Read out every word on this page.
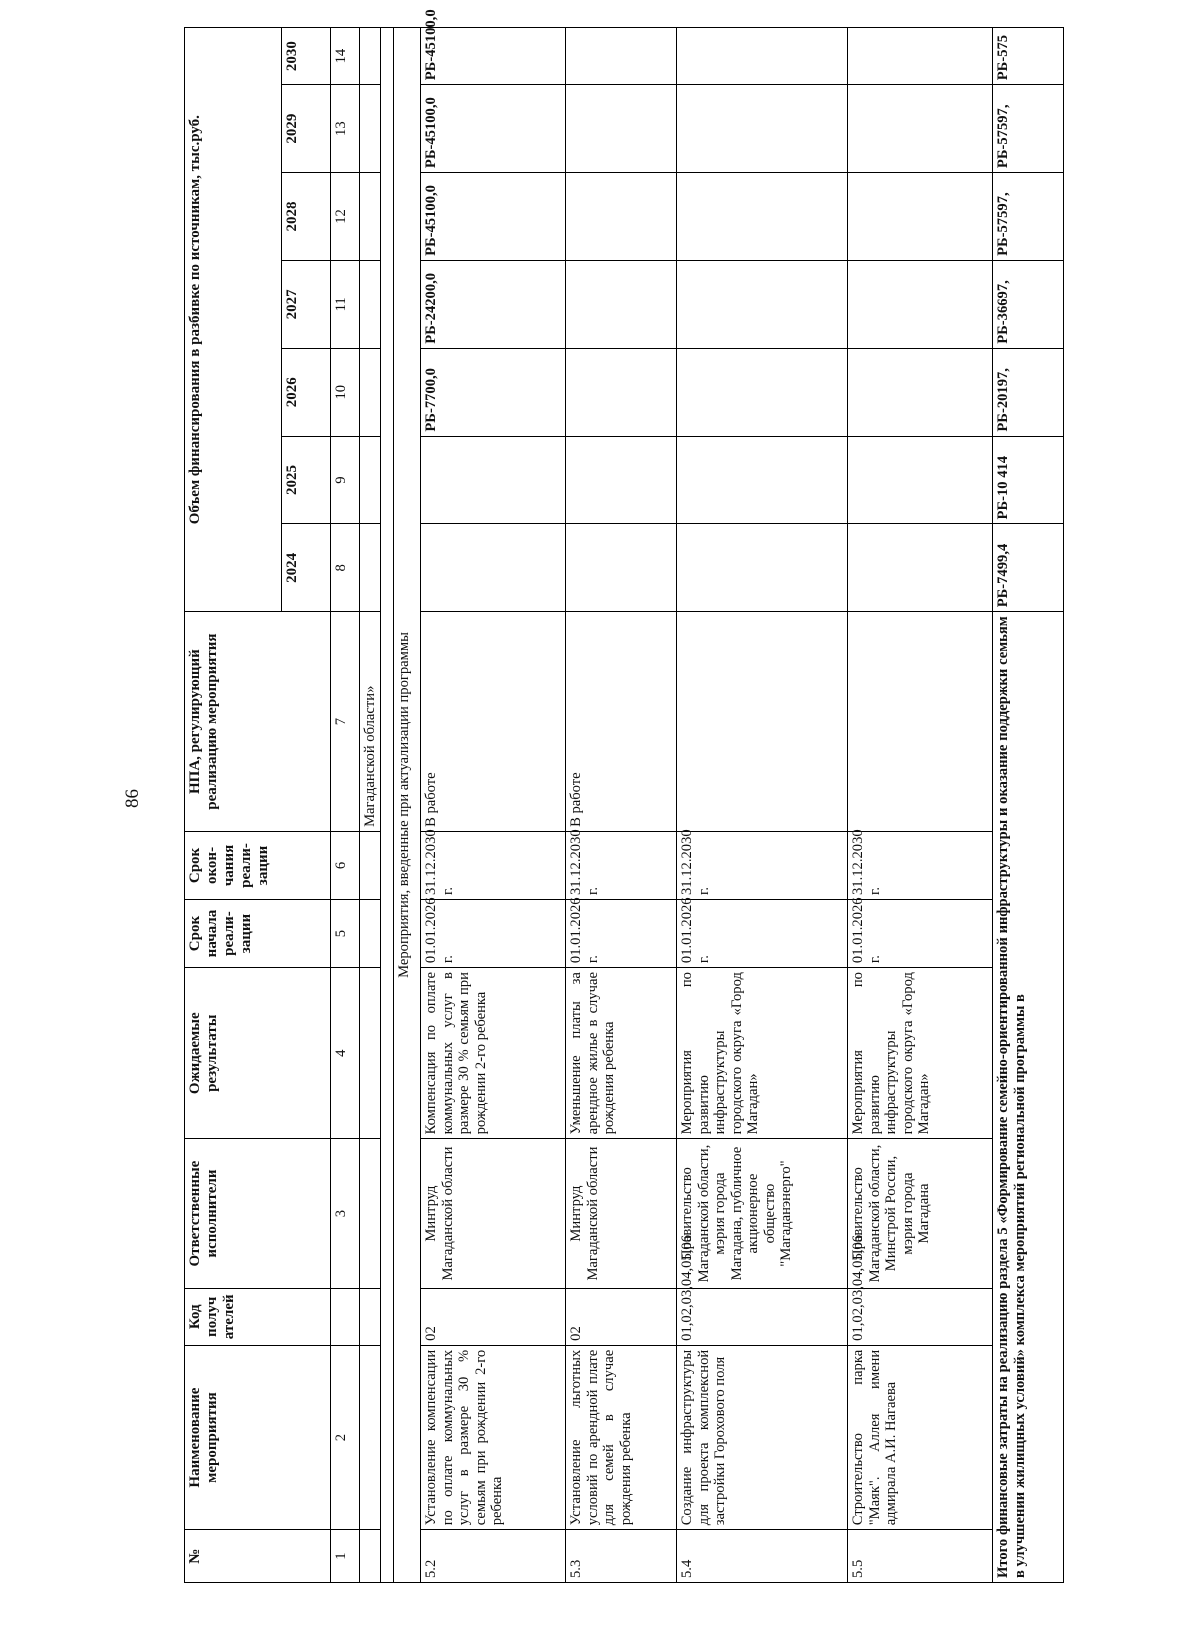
86
№	Наименование мероприятия	Код получ ателей	Ответственные исполнители	Ожидаемые результаты	Срок начала реали-зации	Срок окон-чания реали-зации	НПА, регулирующий реализацию мероприятия	Объем финансирования в разбивке по источникам, тыс.руб.						
								2024	2025	2026	2027	2028	2029	2030
1	2		3	4	5	6	7	8	9	10	11	12	13	14
							Магаданской области»							

Мероприятия, введенные при актуализации программы														
5.2	Установление компенсации по оплате коммунальных услуг в размере 30 % семьям при рождении 2-го ребенка	02	Минтруд Магаданской области	Компенсация по оплате коммунальных услуг в размере 30 % семьям при рождении 2-го ребенка	01.01.2026 г.	31.12.2030 г.	В работе			РБ-7700,0	РБ-24200,0	РБ-45100,0	РБ-45100,0	РБ-45100,0
5.3	Установление льготных условий по арендной плате для семей в случае рождения ребенка	02	Минтруд Магаданской области	Уменьшение платы за арендное жилье в случае рождения ребенка	01.01.2026 г.	31.12.2030 г.	В работе							
5.4	Создание инфраструктуры для проекта комплексной застройки Горохового поля	01,02,03,04,05,06	Правительство Магаданской области, мэрия города Магадана, публичное акционерное общество "Магаданэнерго"	Мероприятия по развитию инфраструктуры городского округа «Город Магадан»	01.01.2026 г.	31.12.2030 г.								
5.5	Строительство парка "Маяк". Аллея имени адмирала А.И. Нагаева	01,02,03,04,05,06	Правительство Магаданской области, Минстрой России, мэрия города Магадана	Мероприятия по развитию инфраструктуры городского округа «Город Магадан»	01.01.2026 г.	31.12.2030 г.								
Итого финансовые затраты на реализацию раздела 5 «Формирование семейно-ориентированной инфраструктуры и оказание поддержки семьям в улучшении жилищных условий» комплекса мероприятий региональной программы в								РБ-7499,4	РБ-10 414	РБ-20197,	РБ-36697,	РБ-57597,	РБ-57597,	РБ-575
